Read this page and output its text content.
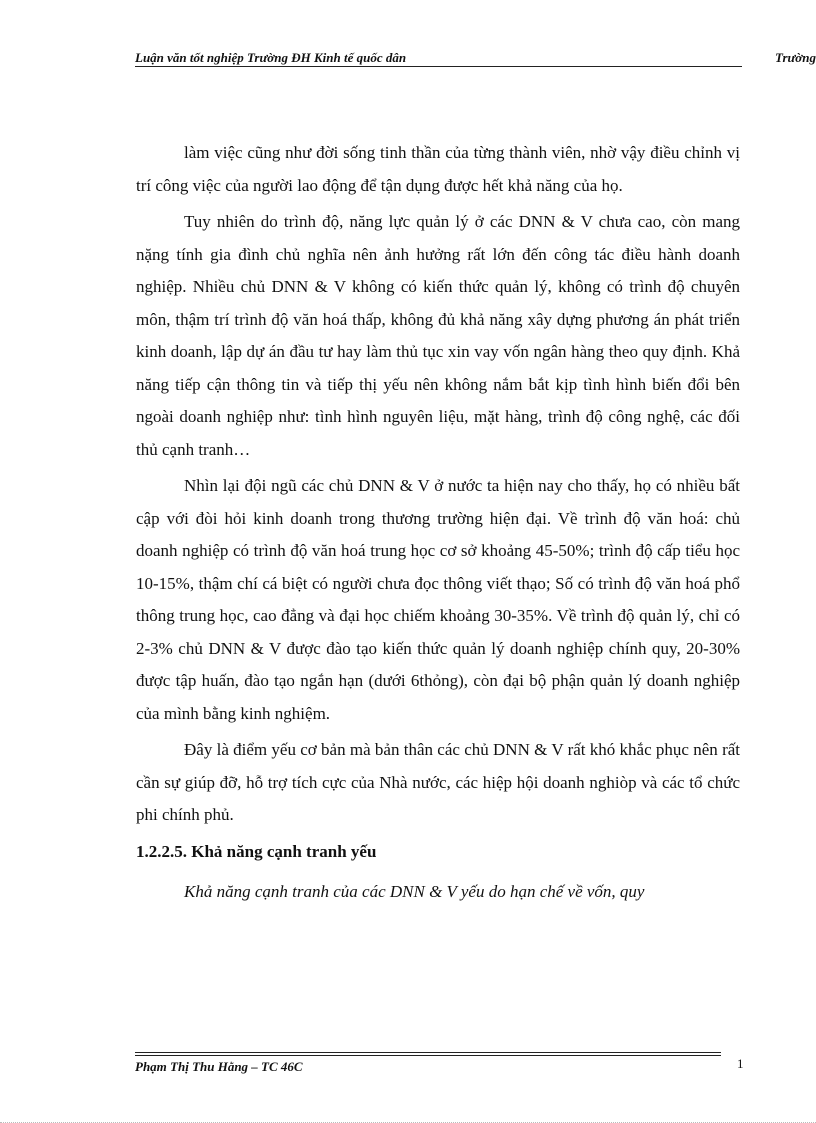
Luận văn tốt nghiệp Trường ĐH Kinh tế quốc dân	Trường

làm việc cũng như đời sống tinh thần của từng thành viên, nhờ vậy điều chỉnh vị trí công việc của người lao động để tận dụng được hết khả năng của họ.

Tuy nhiên do trình độ, năng lực quản lý ở các DNN & V chưa cao, còn mang nặng tính gia đình chủ nghĩa nên ảnh hưởng rất lớn đến công tác điều hành doanh nghiệp. Nhiều chủ DNN & V không có kiến thức quản lý, không có trình độ chuyên môn, thậm trí trình độ văn hoá thấp, không đủ khả năng xây dựng phương án phát triển kinh doanh, lập dự án đầu tư hay làm thủ tục xin vay vốn ngân hàng theo quy định. Khả năng tiếp cận thông tin và tiếp thị yếu nên không nắm bắt kịp tình hình biến đổi bên ngoài doanh nghiệp như: tình hình nguyên liệu, mặt hàng, trình độ công nghệ, các đối thủ cạnh tranh…

Nhìn lại đội ngũ các chủ DNN & V ở nước ta hiện nay cho thấy, họ có nhiều bất cập với đòi hỏi kinh doanh trong thương trường hiện đại. Về trình độ văn hoá: chủ doanh nghiệp có trình độ văn hoá trung học cơ sở khoảng 45-50%; trình độ cấp tiểu học 10-15%, thậm chí cá biệt có người chưa đọc thông viết thạo; Số có trình độ văn hoá phổ thông trung học, cao đẳng và đại học chiếm khoảng 30-35%. Về trình độ quản lý, chỉ có 2-3% chủ DNN & V được đào tạo kiến thức quản lý doanh nghiệp chính quy, 20-30% được tập huấn, đào tạo ngắn hạn (dưới 6thỏng), còn đại bộ phận quản lý doanh nghiệp của mình bằng kinh nghiệm.

Đây là điểm yếu cơ bản mà bản thân các chủ DNN & V rất khó khắc phục nên rất cần sự giúp đỡ, hỗ trợ tích cực của Nhà nước, các hiệp hội doanh nghiòp và các tổ chức phi chính phủ.

1.2.2.5. Khả năng cạnh tranh yếu

Khả năng cạnh tranh của các DNN & V yếu do hạn chế về vốn, quy

Phạm Thị Thu Hằng – TC 46C	1
